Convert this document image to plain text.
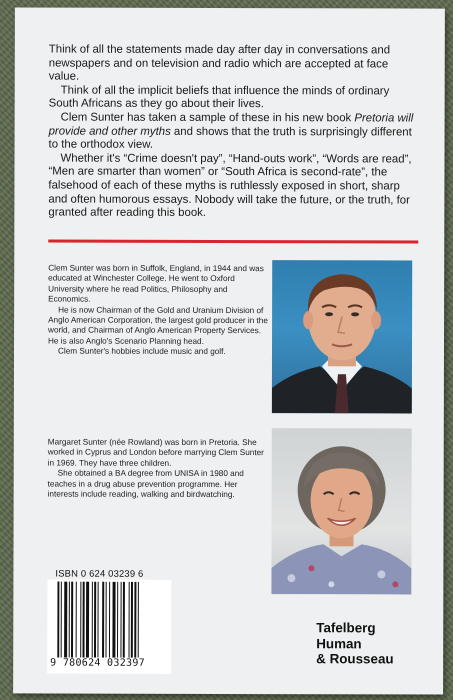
Think of all the statements made day after day in conversations and newspapers and on television and radio which are accepted at face value.

Think of all the implicit beliefs that influence the minds of ordinary South Africans as they go about their lives.

Clem Sunter has taken a sample of these in his new book Pretoria will provide and other myths and shows that the truth is surprisingly different to the orthodox view.

Whether it's “Crime doesn't pay”, “Hand-outs work”, “Words are read”, “Men are smarter than women” or “South Africa is second-rate”, the falsehood of each of these myths is ruthlessly exposed in short, sharp and often humorous essays. Nobody will take the future, or the truth, for granted after reading this book.

Clem Sunter was born in Suffolk, England, in 1944 and was educated at Winchester College. He went to Oxford University where he read Politics, Philosophy and Economics.

He is now Chairman of the Gold and Uranium Division of Anglo American Corporation, the largest gold producer in the world, and Chairman of Anglo American Property Services. He is also Anglo's Scenario Planning head.

Clem Sunter's hobbies include music and golf.

Margaret Sunter (née Rowland) was born in Pretoria. She worked in Cyprus and London before marrying Clem Sunter in 1969. They have three children.

She obtained a BA degree from UNISA in 1980 and teaches in a drug abuse prevention programme. Her interests include reading, walking and birdwatching.

ISBN 0 624 03239 6
9 780624 032397
Tafelberg
Human
& Rousseau
